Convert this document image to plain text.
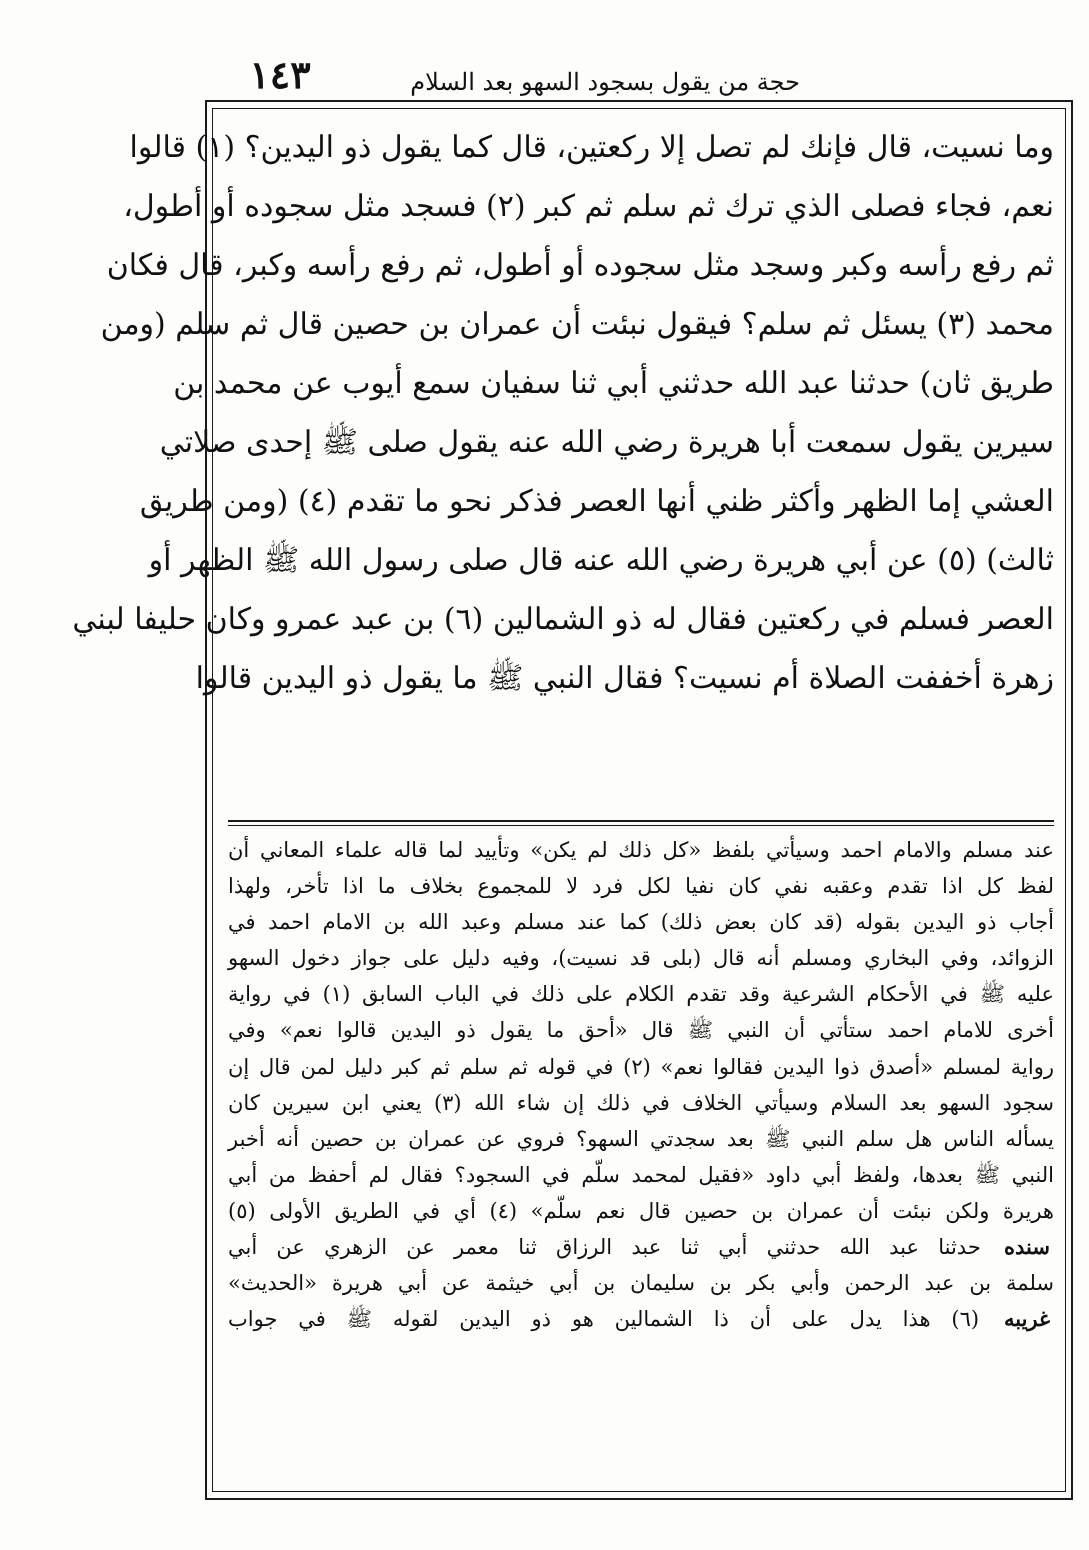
حجة من يقول بسجود السهو بعد السلام
١٤٣
وما نسيت، قال فإنك لم تصل إلا ركعتين، قال كما يقول ذو اليدين؟ (١) قالوا
نعم، فجاء فصلى الذي ترك ثم سلم ثم كبر (٢) فسجد مثل سجوده أو أطول،
ثم رفع رأسه وكبر وسجد مثل سجوده أو أطول، ثم رفع رأسه وكبر، قال فكان
محمد (٣) يسئل ثم سلم؟ فيقول نبئت أن عمران بن حصين قال ثم سلم (ومن
طريق ثان) حدثنا عبد الله حدثني أبي ثنا سفيان سمع أيوب عن محمد بن
سيرين يقول سمعت أبا هريرة رضي الله عنه يقول صلى ﷺ إحدى صلاتي
العشي إما الظهر وأكثر ظني أنها العصر فذكر نحو ما تقدم (٤) (ومن طريق
ثالث) (٥) عن أبي هريرة رضي الله عنه قال صلى رسول الله ﷺ الظهر أو
العصر فسلم في ركعتين فقال له ذو الشمالين (٦) بن عبد عمرو وكان حليفا لبني
زهرة أخففت الصلاة أم نسيت؟ فقال النبي ﷺ ما يقول ذو اليدين قالوا
عند مسلم والامام احمد وسيأتي بلفظ «كل ذلك لم يكن» وتأييد لما قاله علماء المعاني أن
لفظ كل اذا تقدم وعقبه نفي كان نفيا لكل فرد لا للمجموع بخلاف ما اذا تأخر، ولهذا
أجاب ذو اليدين بقوله (قد كان بعض ذلك) كما عند مسلم وعبد الله بن الامام احمد في
الزوائد، وفي البخاري ومسلم أنه قال (بلى قد نسيت)، وفيه دليل على جواز دخول السهو
عليه ﷺ في الأحكام الشرعية وقد تقدم الكلام على ذلك في الباب السابق (١) في رواية
أخرى للامام احمد ستأتي أن النبي ﷺ قال «أحق ما يقول ذو اليدين قالوا نعم» وفي
رواية لمسلم «أصدق ذوا اليدين فقالوا نعم» (٢) في قوله ثم سلم ثم كبر دليل لمن قال إن
سجود السهو بعد السلام وسيأتي الخلاف في ذلك إن شاء الله (٣) يعني ابن سيرين كان
يسأله الناس هل سلم النبي ﷺ بعد سجدتي السهو؟ فروي عن عمران بن حصين أنه أخبر
النبي ﷺ بعدها، ولفظ أبي داود «فقيل لمحمد سلّم في السجود؟ فقال لم أحفظ من أبي
هريرة ولكن نبئت أن عمران بن حصين قال نعم سلّم» (٤) أي في الطريق الأولى (٥)
سنده حدثنا عبد الله حدثني أبي ثنا عبد الرزاق ثنا معمر عن الزهري عن أبي
سلمة بن عبد الرحمن وأبي بكر بن سليمان بن أبي خيثمة عن أبي هريرة «الحديث»
غريبه (٦) هذا يدل على أن ذا الشمالين هو ذو اليدين لقوله ﷺ في جواب
